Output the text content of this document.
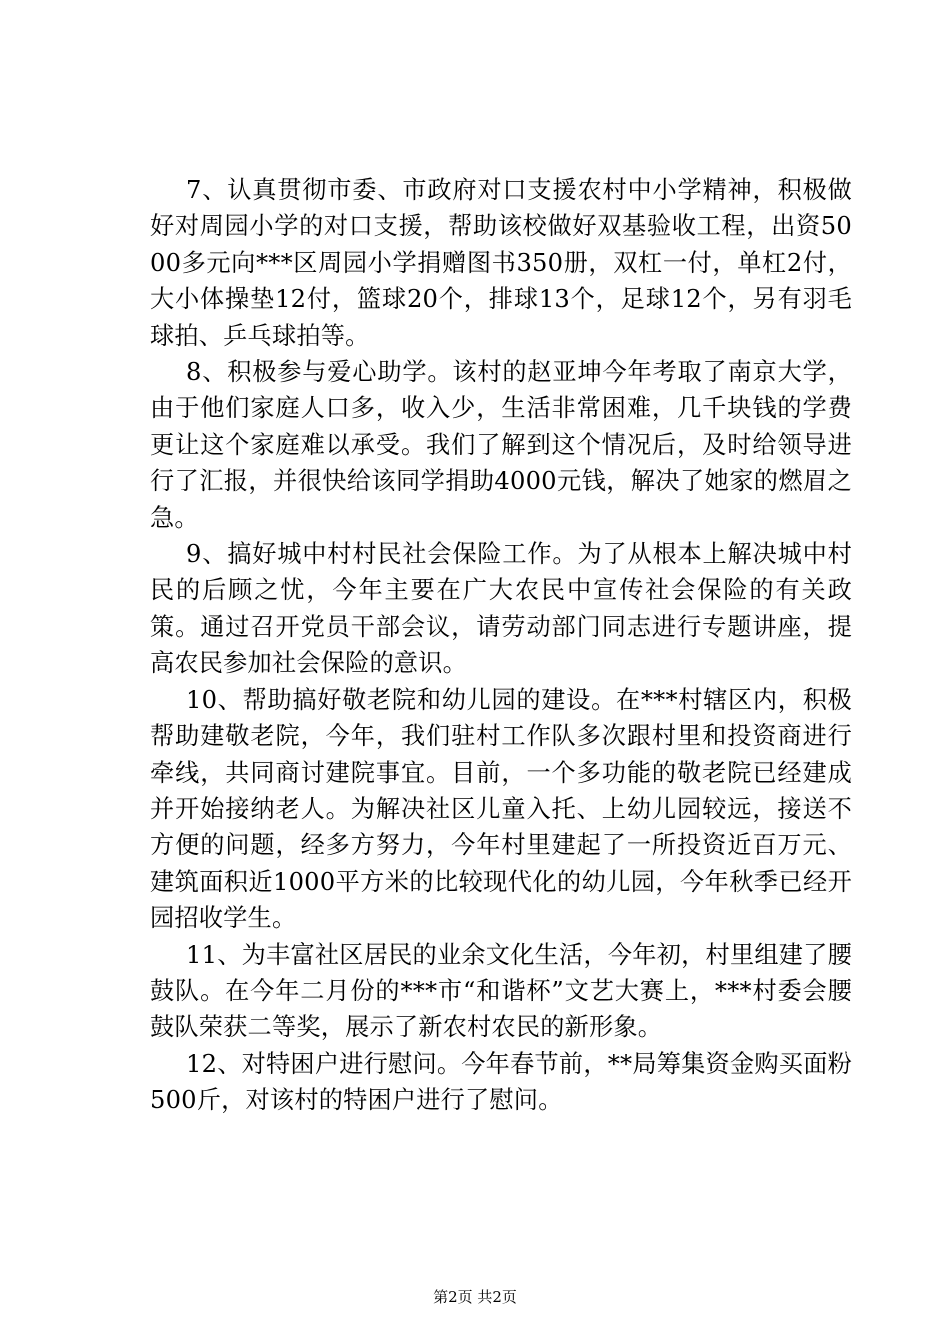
7、认真贯彻市委、市政府对口支援农村中小学精神，积极做好对周园小学的对口支援，帮助该校做好双基验收工程，出资5000多元向***区周园小学捐赠图书350册，双杠一付，单杠2付，大小体操垫12付，篮球20个，排球13个，足球12个，另有羽毛球拍、乒乓球拍等。

8、积极参与爱心助学。该村的赵亚坤今年考取了南京大学，由于他们家庭人口多，收入少，生活非常困难，几千块钱的学费更让这个家庭难以承受。我们了解到这个情况后，及时给领导进行了汇报，并很快给该同学捐助4000元钱，解决了她家的燃眉之急。

9、搞好城中村村民社会保险工作。为了从根本上解决城中村民的后顾之忧，今年主要在广大农民中宣传社会保险的有关政策。通过召开党员干部会议，请劳动部门同志进行专题讲座，提高农民参加社会保险的意识。

10、帮助搞好敬老院和幼儿园的建设。在***村辖区内，积极帮助建敬老院，今年，我们驻村工作队多次跟村里和投资商进行牵线，共同商讨建院事宜。目前，一个多功能的敬老院已经建成并开始接纳老人。为解决社区儿童入托、上幼儿园较远，接送不方便的问题，经多方努力，今年村里建起了一所投资近百万元、建筑面积近1000平方米的比较现代化的幼儿园，今年秋季已经开园招收学生。

11、为丰富社区居民的业余文化生活，今年初，村里组建了腰鼓队。在今年二月份的***市“和谐杯”文艺大赛上，***村委会腰鼓队荣获二等奖，展示了新农村农民的新形象。

12、对特困户进行慰问。今年春节前，**局筹集资金购买面粉500斤，对该村的特困户进行了慰问。

第2页 共2页
